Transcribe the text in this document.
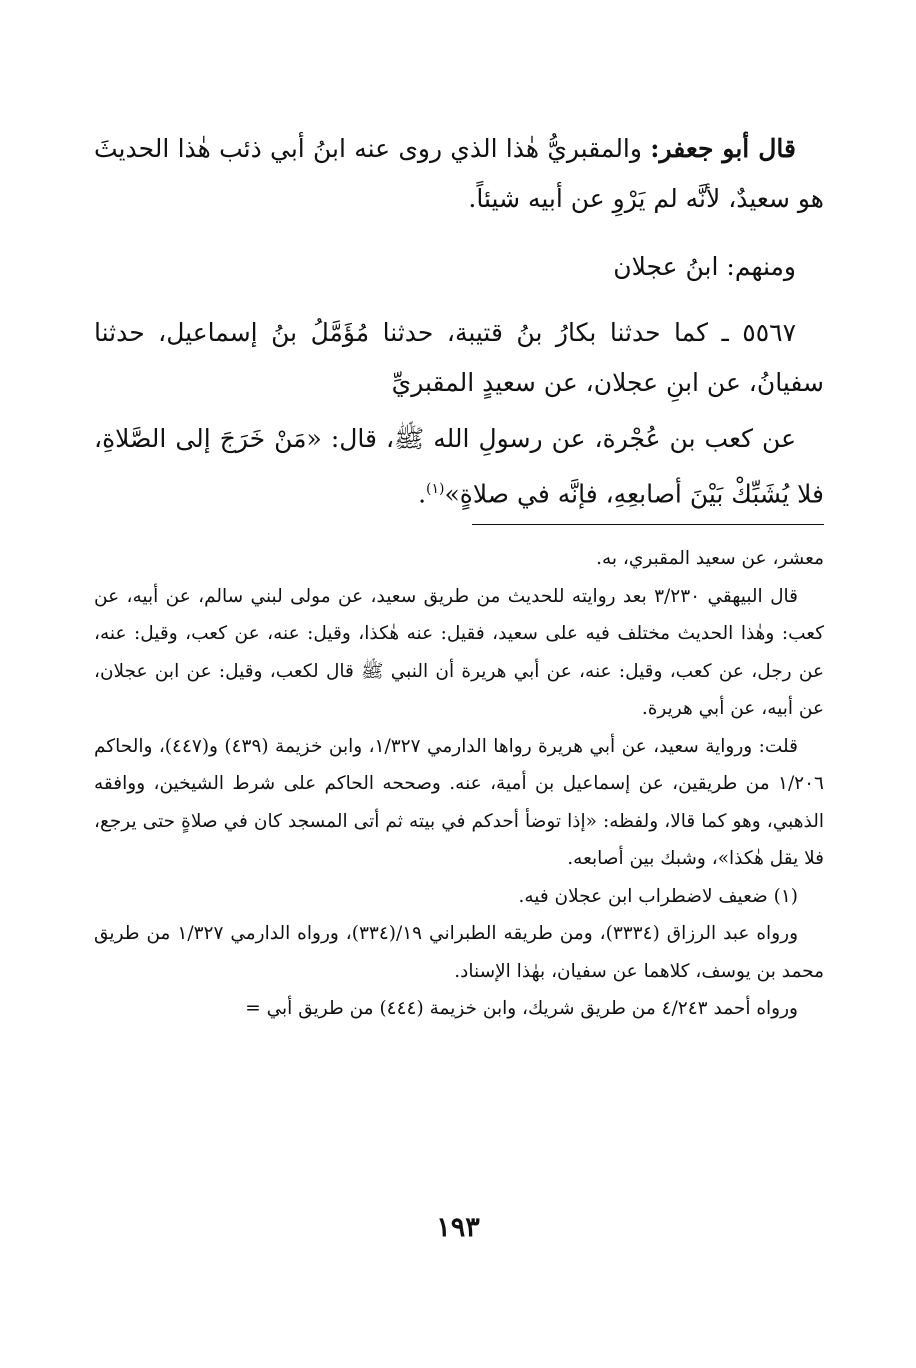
قال أبو جعفر: والمقبريُّ هٰذا الذي روى عنه ابنُ أبي ذئب هٰذا الحديثَ هو سعيدٌ، لأنَّه لم يَرْوِ عن أبيه شيئاً.

ومنهم: ابنُ عجلان

٥٥٦٧ ـ كما حدثنا بكارُ بنُ قتيبة، حدثنا مُؤَمَّلُ بنُ إسماعيل، حدثنا سفيانُ، عن ابنِ عجلان، عن سعيدٍ المقبريِّ

عن كعب بن عُجْرة، عن رسولِ الله ﷺ، قال: «مَنْ خَرَجَ إلى الصَّلاةِ، فلا يُشَبِّكْ بَيْنَ أصابعِهِ، فإنَّه في صلاةٍ»$^{(١)}$.

معشر، عن سعيد المقبري، به.

قال البيهقي ٣/٢٣٠ بعد روايته للحديث من طريق سعيد، عن مولى لبني سالم، عن أبيه، عن كعب: وهٰذا الحديث مختلف فيه على سعيد، فقيل: عنه هٰكذا، وقيل: عنه، عن كعب، وقيل: عنه، عن رجل، عن كعب، وقيل: عنه، عن أبي هريرة أن النبي ﷺ قال لكعب، وقيل: عن ابن عجلان، عن أبيه، عن أبي هريرة.

قلت: ورواية سعيد، عن أبي هريرة رواها الدارمي ١/٣٢٧، وابن خزيمة (٤٣٩) و(٤٤٧)، والحاكم ١/٢٠٦ من طريقين، عن إسماعيل بن أمية، عنه. وصححه الحاكم على شرط الشيخين، ووافقه الذهبي، وهو كما قالا، ولفظه: «إذا توضأ أحدكم في بيته ثم أتى المسجد كان في صلاةٍ حتى يرجع، فلا يقل هٰكذا»، وشبك بين أصابعه.

(١) ضعيف لاضطراب ابن عجلان فيه.

ورواه عبد الرزاق (٣٣٣٤)، ومن طريقه الطبراني ١٩/(٣٣٤)، ورواه الدارمي ١/٣٢٧ من طريق محمد بن يوسف، كلاهما عن سفيان، بهٰذا الإسناد.

ورواه أحمد ٤/٢٤٣ من طريق شريك، وابن خزيمة (٤٤٤) من طريق أبي =

١٩٣
